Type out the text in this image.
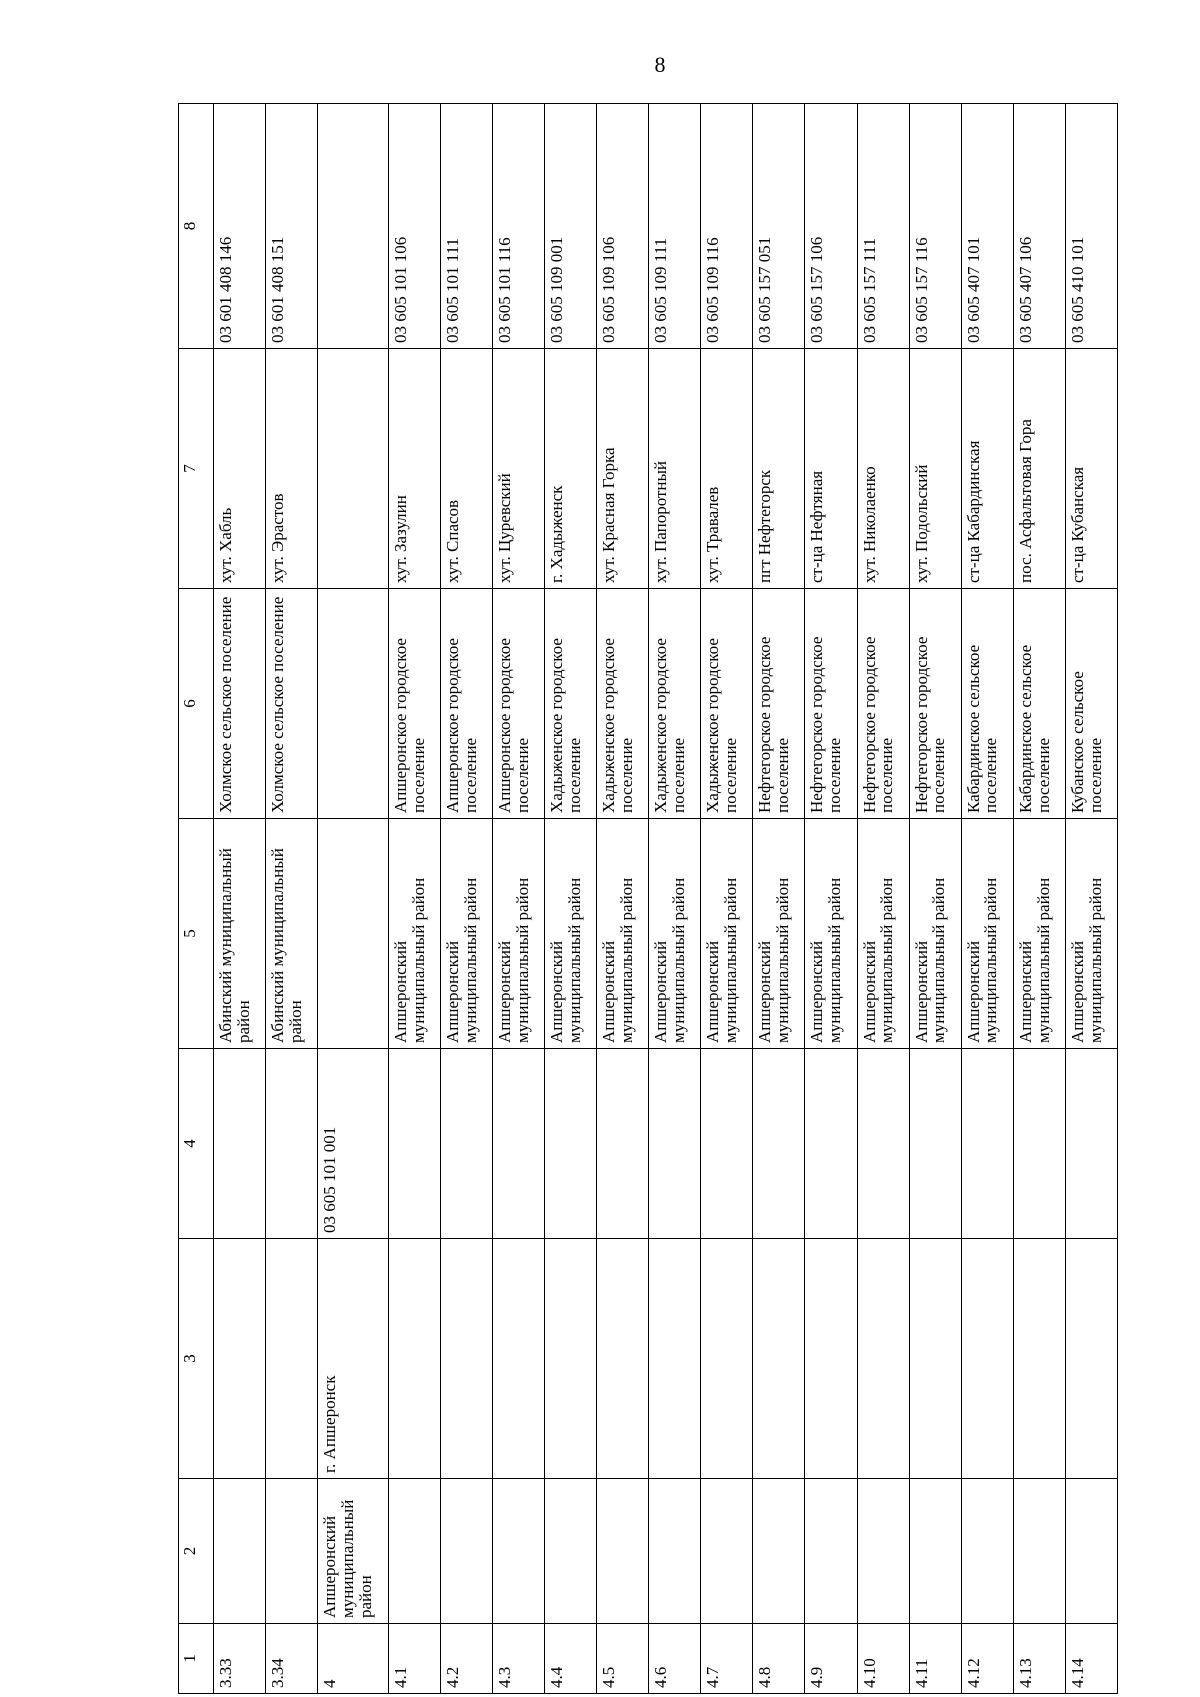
8
1	2	3	4	5	6	7	8
3.33				Абинский муниципальный район	Холмское сельское поселение	хут. Хабль	03 601 408 146
3.34				Абинский муниципальный район	Холмское сельское поселение	хут. Эрастов	03 601 408 151
4	Апшеронский муниципальный район	г. Апшеронск	03 605 101 001				
4.1				Апшеронский муниципальный район	Апшеронское городское поселение	хут. Зазулин	03 605 101 106
4.2				Апшеронский муниципальный район	Апшеронское городское поселение	хут. Спасов	03 605 101 111
4.3				Апшеронский муниципальный район	Апшеронское городское поселение	хут. Цуревский	03 605 101 116
4.4				Апшеронский муниципальный район	Хадыженское городское поселение	г. Хадыженск	03 605 109 001
4.5				Апшеронский муниципальный район	Хадыженское городское поселение	хут. Красная Горка	03 605 109 106
4.6				Апшеронский муниципальный район	Хадыженское городское поселение	хут. Папоротный	03 605 109 111
4.7				Апшеронский муниципальный район	Хадыженское городское поселение	хут. Травалев	03 605 109 116
4.8				Апшеронский муниципальный район	Нефтегорское городское поселение	пгт Нефтегорск	03 605 157 051
4.9				Апшеронский муниципальный район	Нефтегорское городское поселение	ст-ца Нефтяная	03 605 157 106
4.10				Апшеронский муниципальный район	Нефтегорское городское поселение	хут. Николаенко	03 605 157 111
4.11				Апшеронский муниципальный район	Нефтегорское городское поселение	хут. Подольский	03 605 157 116
4.12				Апшеронский муниципальный район	Кабардинское сельское поселение	ст-ца Кабардинская	03 605 407 101
4.13				Апшеронский муниципальный район	Кабардинское сельское поселение	пос. Асфальтовая Гора	03 605 407 106
4.14				Апшеронский муниципальный район	Кубанское сельское поселение	ст-ца Кубанская	03 605 410 101
